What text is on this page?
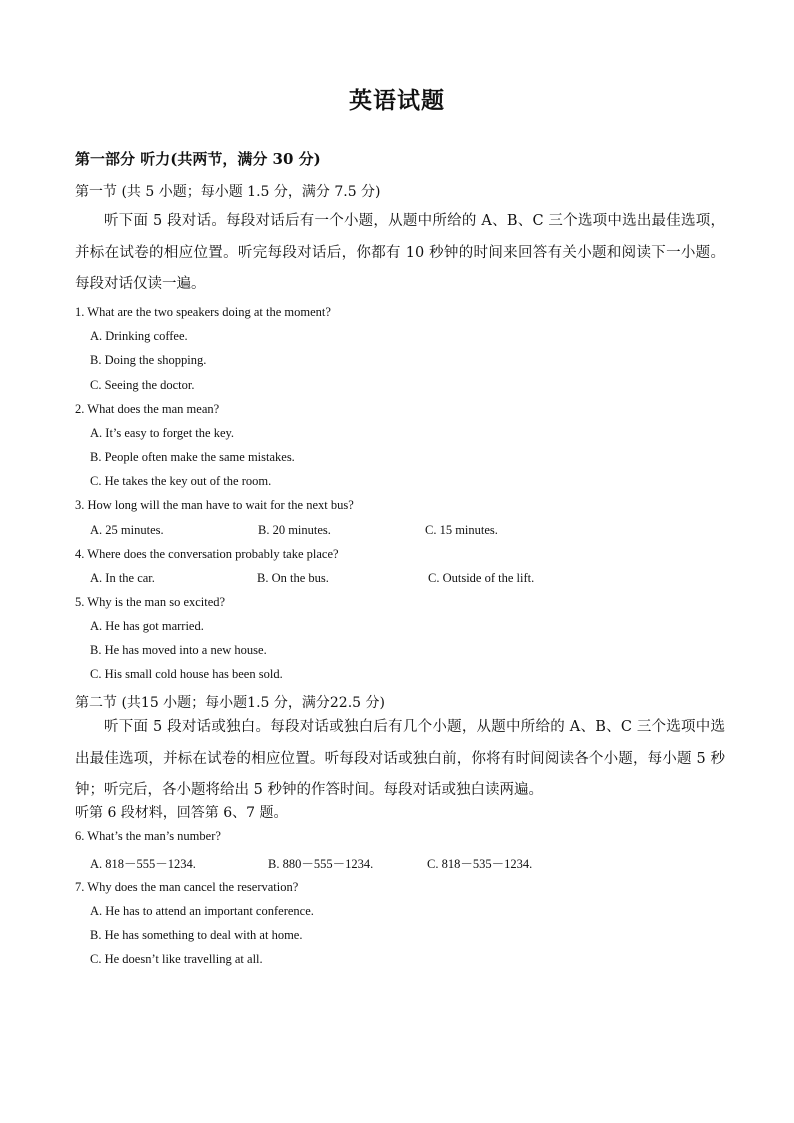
英语试题
第一部分 听力(共两节，满分 30 分)
第一节 (共 5 小题；每小题 1.5 分，满分 7.5 分)

听下面 5 段对话。每段对话后有一个小题，从题中所给的 A、B、C 三个选项中选出最佳选项，并标在试卷的相应位置。听完每段对话后，你都有 10 秒钟的时间来回答有关小题和阅读下一小题。每段对话仅读一遍。

1. What are the two speakers doing at the moment?
A. Drinking coffee.
B. Doing the shopping.
C. Seeing the doctor.
2. What does the man mean?
A. It’s easy to forget the key.
B. People often make the same mistakes.
C. He takes the key out of the room.
3. How long will the man have to wait for the next bus?
A. 25 minutes.	B. 20 minutes.	C. 15 minutes.
4. Where does the conversation probably take place?
A. In the car.	B. On the bus.	C. Outside of the lift.
5. Why is the man so excited?
A. He has got married.
B. He has moved into a new house.
C. His small cold house has been sold.
第二节 (共15 小题；每小题1.5 分，满分22.5 分)

听下面 5 段对话或独白。每段对话或独白后有几个小题，从题中所给的 A、B、C 三个选项中选出最佳选项，并标在试卷的相应位置。听每段对话或独白前，你将有时间阅读各个小题，每小题 5 秒钟；听完后，各小题将给出 5 秒钟的作答时间。每段对话或独白读两遍。

听第 6 段材料，回答第 6、7 题。
6. What’s the man’s number?
A. 818－555－1234.	B. 880－555－1234.	C. 818－535－1234.
7. Why does the man cancel the reservation?
A. He has to attend an important conference.
B. He has something to deal with at home.
C. He doesn’t like travelling at all.
